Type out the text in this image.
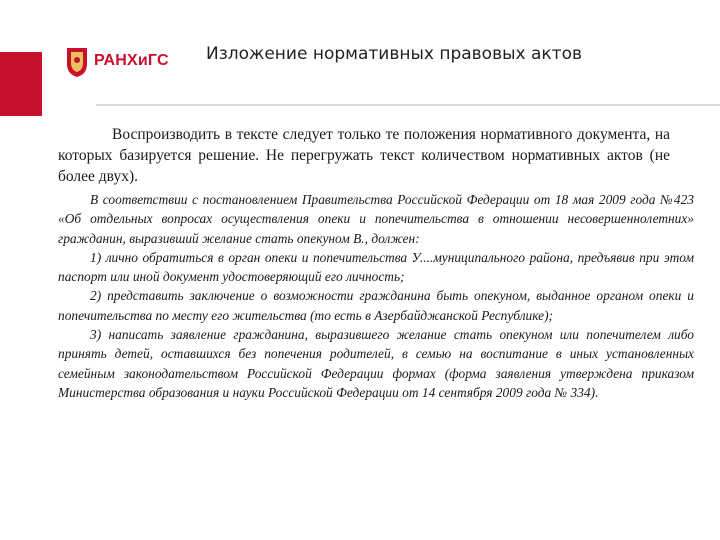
РАНХиГС Изложение нормативных правовых актов
Воспроизводить в тексте следует только те положения нормативного документа, на которых базируется решение. Не перегружать текст количеством нормативных актов (не более двух).

В соответствии с постановлением Правительства Российской Федерации от 18 мая 2009 года №423 «Об отдельных вопросах осуществления опеки и попечительства в отношении несовершеннолетних» гражданин, выразивший желание стать опекуном В., должен:

1) лично обратиться в орган опеки и попечительства У....муниципального района, предъявив при этом паспорт или иной документ удостоверяющий его личность;

2) представить заключение о возможности гражданина быть опекуном, выданное органом опеки и попечительства по месту его жительства (то есть в Азербайджанской Республике);

3) написать заявление гражданина, выразившего желание стать опекуном или попечителем либо принять детей, оставшихся без попечения родителей, в семью на воспитание в иных установленных семейным законодательством Российской Федерации формах (форма заявления утверждена приказом Министерства образования и науки Российской Федерации от 14 сентября 2009 года № 334).
